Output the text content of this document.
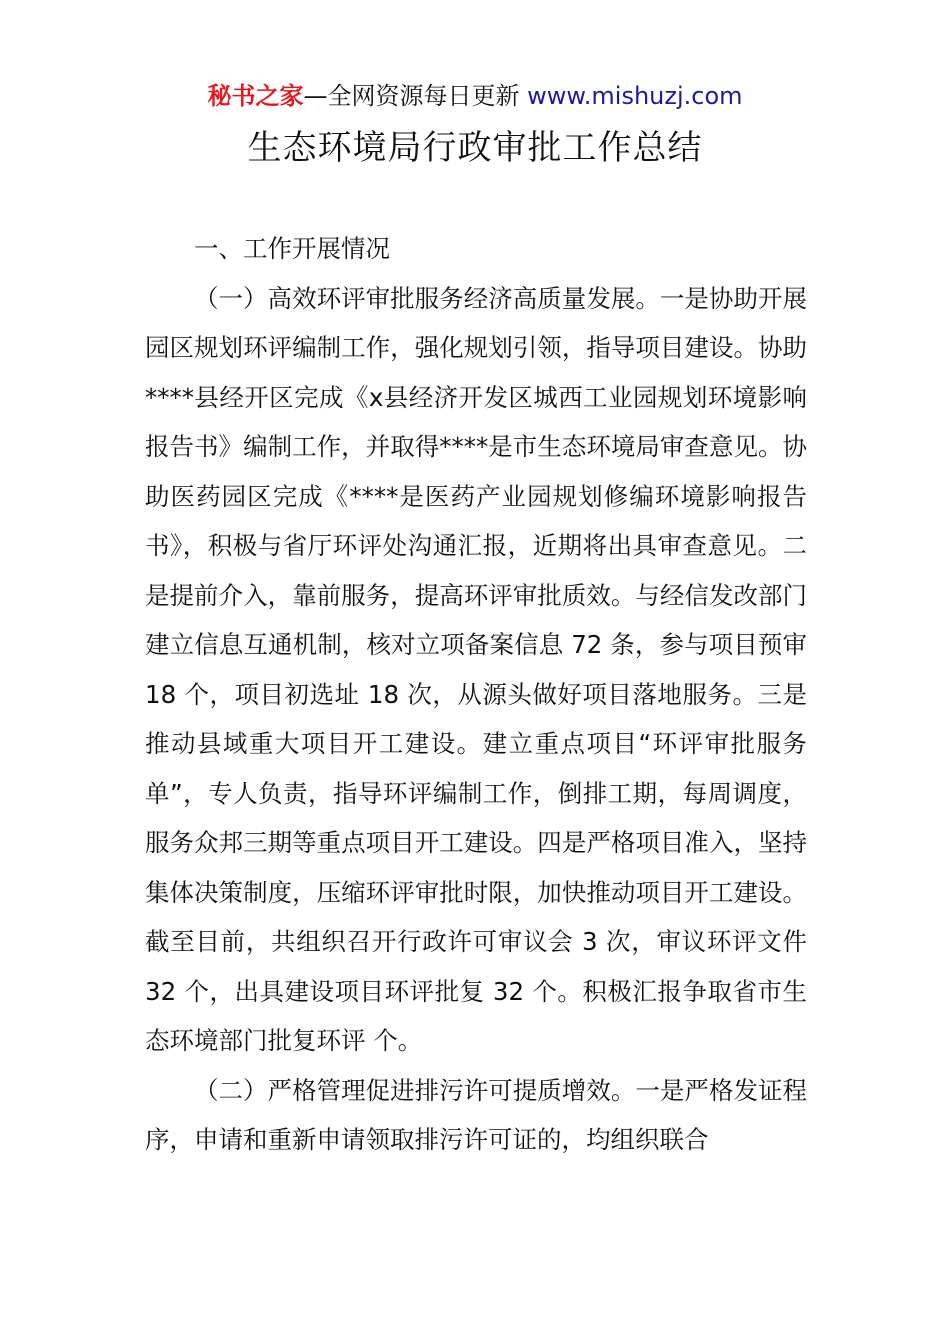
秘书之家—全网资源每日更新 www.mishuzj.com
生态环境局行政审批工作总结

一、工作开展情况

（一）高效环评审批服务经济高质量发展。一是协助开展园区规划环评编制工作，强化规划引领，指导项目建设。协助****县经开区完成《x县经济开发区城西工业园规划环境影响报告书》编制工作，并取得****是市生态环境局审查意见。协助医药园区完成《****是医药产业园规划修编环境影响报告书》，积极与省厅环评处沟通汇报，近期将出具审查意见。二是提前介入，靠前服务，提高环评审批质效。与经信发改部门建立信息互通机制，核对立项备案信息 72 条，参与项目预审 18 个，项目初选址 18 次，从源头做好项目落地服务。三是推动县域重大项目开工建设。建立重点项目“环评审批服务单”，专人负责，指导环评编制工作，倒排工期，每周调度，服务众邦三期等重点项目开工建设。四是严格项目准入，坚持集体决策制度，压缩环评审批时限，加快推动项目开工建设。截至目前，共组织召开行政许可审议会 3 次，审议环评文件 32 个，出具建设项目环评批复 32 个。积极汇报争取省市生态环境部门批复环评 个。

（二）严格管理促进排污许可提质增效。一是严格发证程序，申请和重新申请领取排污许可证的，均组织联合
